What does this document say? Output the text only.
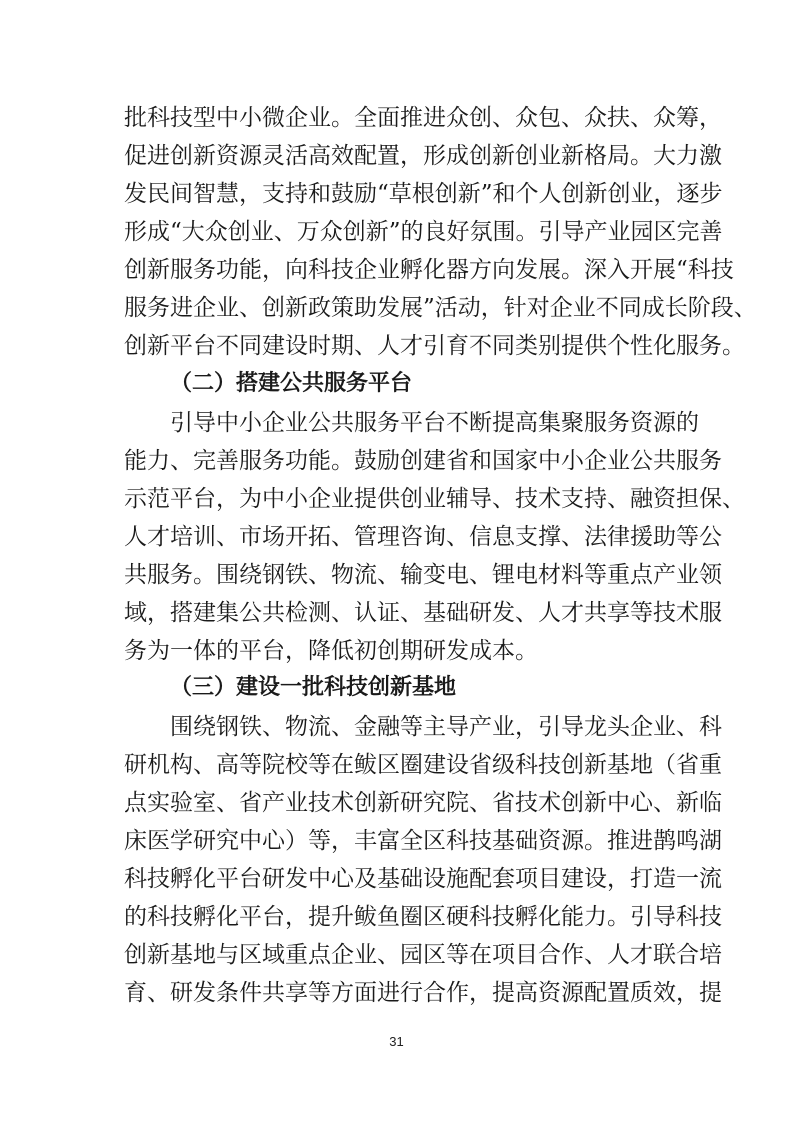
批科技型中小微企业。全面推进众创、众包、众扶、众筹，
促进创新资源灵活高效配置，形成创新创业新格局。大力激
发民间智慧，支持和鼓励“草根创新”和个人创新创业，逐步
形成“大众创业、万众创新”的良好氛围。引导产业园区完善
创新服务功能，向科技企业孵化器方向发展。深入开展“科技
服务进企业、创新政策助发展”活动，针对企业不同成长阶段、
创新平台不同建设时期、人才引育不同类别提供个性化服务。
（二）搭建公共服务平台
引导中小企业公共服务平台不断提高集聚服务资源的
能力、完善服务功能。鼓励创建省和国家中小企业公共服务
示范平台，为中小企业提供创业辅导、技术支持、融资担保、
人才培训、市场开拓、管理咨询、信息支撑、法律援助等公
共服务。围绕钢铁、物流、输变电、锂电材料等重点产业领
域，搭建集公共检测、认证、基础研发、人才共享等技术服
务为一体的平台，降低初创期研发成本。
（三）建设一批科技创新基地
围绕钢铁、物流、金融等主导产业，引导龙头企业、科
研机构、高等院校等在鲅区圈建设省级科技创新基地（省重
点实验室、省产业技术创新研究院、省技术创新中心、新临
床医学研究中心）等，丰富全区科技基础资源。推进鹊鸣湖
科技孵化平台研发中心及基础设施配套项目建设，打造一流
的科技孵化平台，提升鲅鱼圈区硬科技孵化能力。引导科技
创新基地与区域重点企业、园区等在项目合作、人才联合培
育、研发条件共享等方面进行合作，提高资源配置质效，提
31
